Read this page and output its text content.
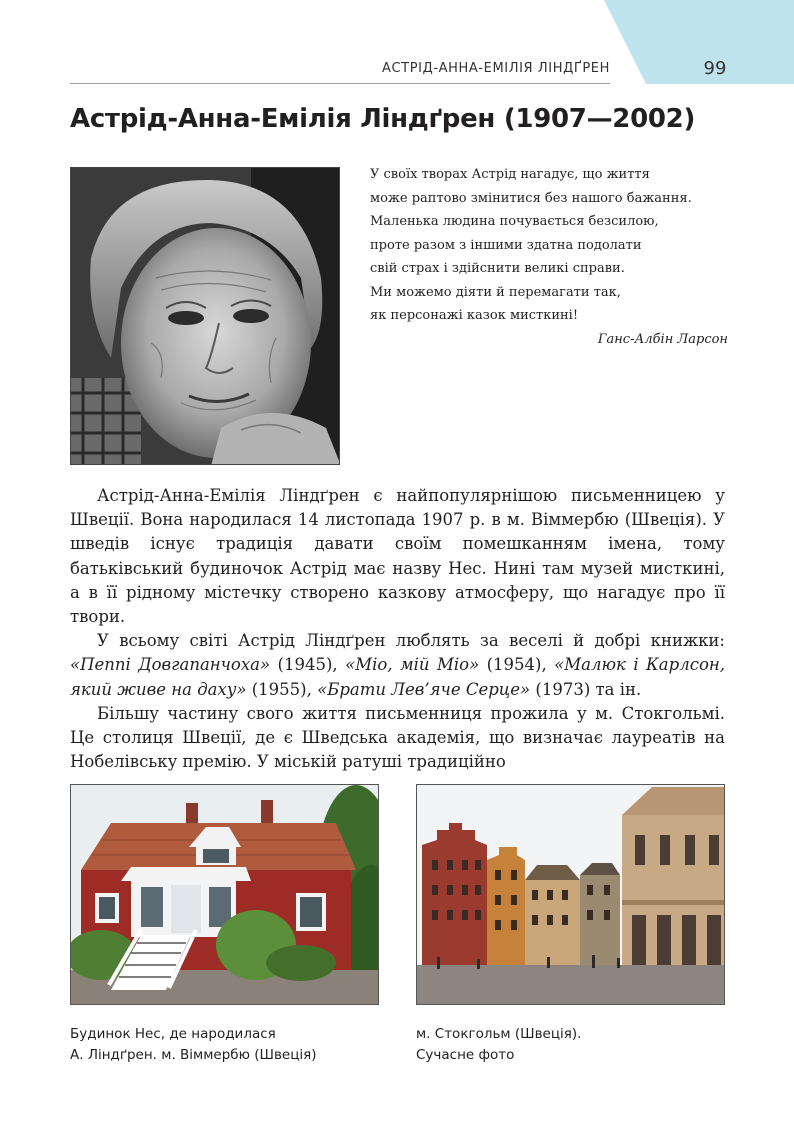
АСТРІД-АННА-ЕМІЛІЯ ЛІНДҐРЕН	99
Астрід-Анна-Емілія Ліндґрен (1907—2002)
У своїх творах Астрід нагадує, що життя
може раптово змінитися без нашого бажання.
Маленька людина почувається безсилою,
проте разом з іншими здатна подолати
свій страх і здійснити великі справи.
Ми можемо діяти й перемагати так,
як персонажі казок мисткині!
Ганс-Албін Ларсон

Астрід-Анна-Емілія Ліндґрен є найпопулярнішою письменницею у Швеції. Вона народилася 14 листопада 1907 р. в м. Віммербю (Швеція). У шведів існує традиція давати своїм помешканням імена, тому батьківський будиночок Астрід має назву Нес. Нині там музей мисткині, а в її рідному містечку створено казкову атмосферу, що нагадує про її твори.

У всьому світі Астрід Ліндґрен люблять за веселі й добрі книжки: «Пеппі Довгапанчоха» (1945), «Міо, мій Міо» (1954), «Малюк і Карлсон, який живе на даху» (1955), «Брати Лев’яче Серце» (1973) та ін.

Більшу частину свого життя письменниця прожила у м. Стокгольмі. Це столиця Швеції, де є Шведська академія, що визначає лауреатів на Нобелівську премію. У міській ратуші традиційно

Будинок Нес, де народилася
А. Ліндґрен. м. Віммербю (Швеція)
м. Стокгольм (Швеція).
Сучасне фото
